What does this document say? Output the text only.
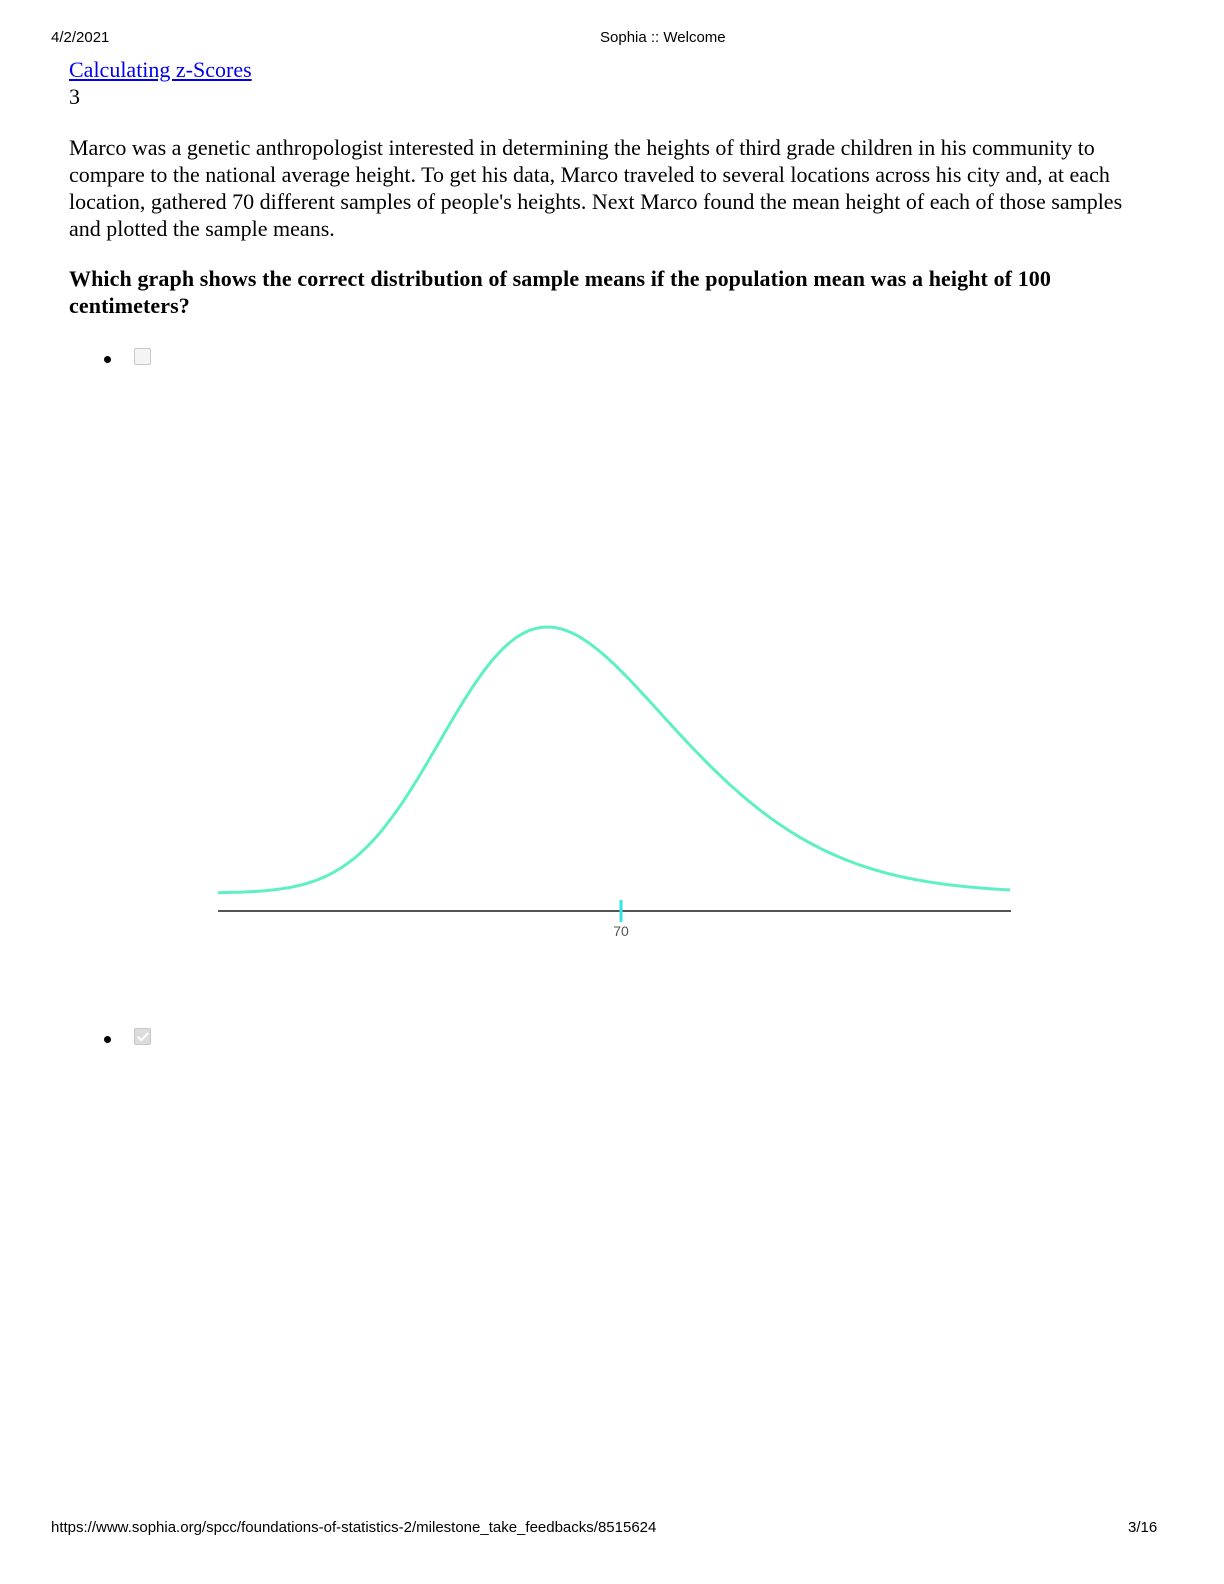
4/2/2021	Sophia :: Welcome
Calculating z-Scores
3
Marco was a genetic anthropologist interested in determining the heights of third grade children in his community to compare to the national average height. To get his data, Marco traveled to several locations across his city and, at each location, gathered 70 different samples of people's heights. Next Marco found the mean height of each of those samples and plotted the sample means.
Which graph shows the correct distribution of sample means if the population mean was a height of 100 centimeters?
70
https://www.sophia.org/spcc/foundations-of-statistics-2/milestone_take_feedbacks/8515624	3/16
